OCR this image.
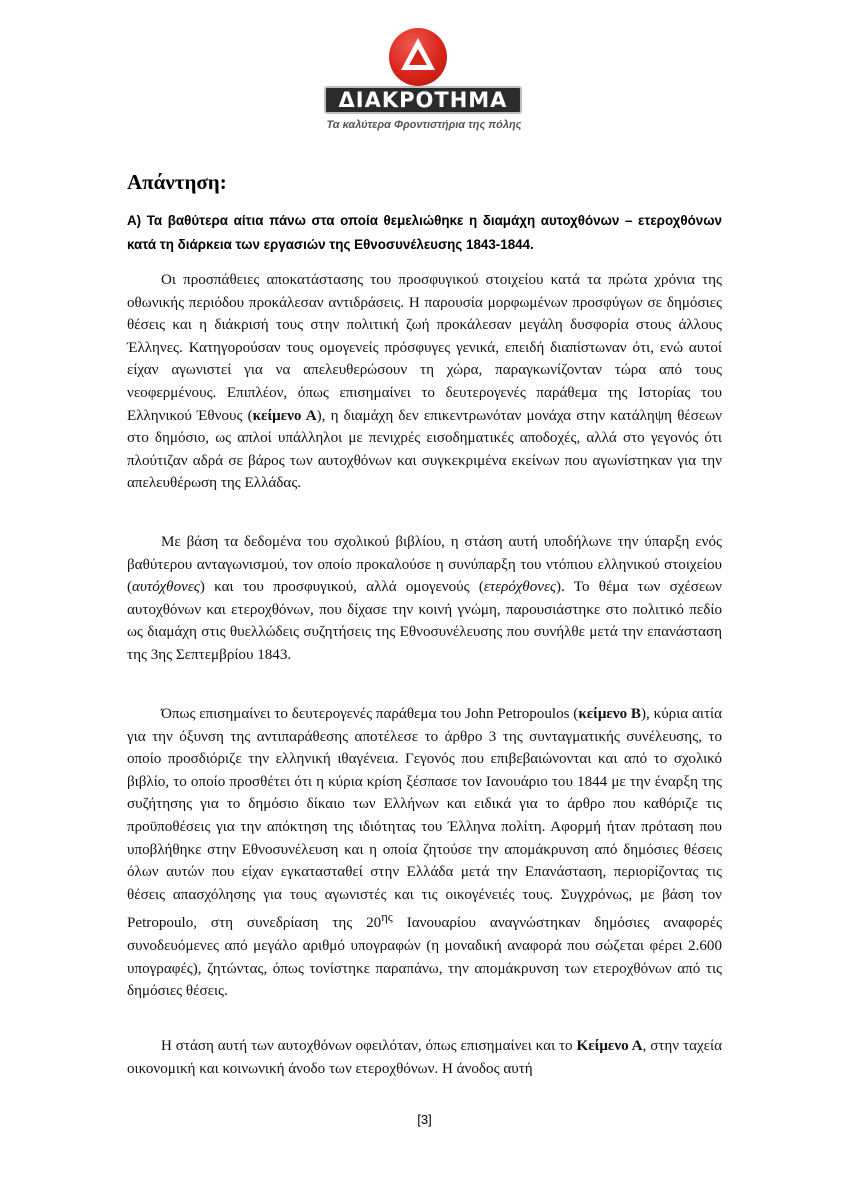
ΔΙΑΚΡΟΤΗΜΑ
Τα καλύτερα Φροντιστήρια της πόλης
Απάντηση:

Α) Τα βαθύτερα αίτια πάνω στα οποία θεμελιώθηκε η διαμάχη αυτοχθόνων – ετεροχθόνων κατά τη διάρκεια των εργασιών της Εθνοσυνέλευσης 1843-1844.

Οι προσπάθειες αποκατάστασης του προσφυγικού στοιχείου κατά τα πρώτα χρόνια της οθωνικής περιόδου προκάλεσαν αντιδράσεις. Η παρουσία μορφωμένων προσφύγων σε δημόσιες θέσεις και η διάκρισή τους στην πολιτική ζωή προκάλεσαν μεγάλη δυσφορία στους άλλους Έλληνες. Κατηγορούσαν τους ομογενείς πρόσφυγες γενικά, επειδή διαπίστωναν ότι, ενώ αυτοί είχαν αγωνιστεί για να απελευθερώσουν τη χώρα, παραγκωνίζονταν τώρα από τους νεοφερμένους. Επιπλέον, όπως επισημαίνει το δευτερογενές παράθεμα της Ιστορίας του Ελληνικού Έθνους (κείμενο Α), η διαμάχη δεν επικεντρωνόταν μονάχα στην κατάληψη θέσεων στο δημόσιο, ως απλοί υπάλληλοι με πενιχρές εισοδηματικές αποδοχές, αλλά στο γεγονός ότι πλούτιζαν αδρά σε βάρος των αυτοχθόνων και συγκεκριμένα εκείνων που αγωνίστηκαν για την απελευθέρωση της Ελλάδας.

Με βάση τα δεδομένα του σχολικού βιβλίου, η στάση αυτή υποδήλωνε την ύπαρξη ενός βαθύτερου ανταγωνισμού, τον οποίο προκαλούσε η συνύπαρξη του ντόπιου ελληνικού στοιχείου (αυτόχθονες) και του προσφυγικού, αλλά ομογενούς (ετερόχθονες). Το θέμα των σχέσεων αυτοχθόνων και ετεροχθόνων, που δίχασε την κοινή γνώμη, παρουσιάστηκε στο πολιτικό πεδίο ως διαμάχη στις θυελλώδεις συζητήσεις της Εθνοσυνέλευσης που συνήλθε μετά την επανάσταση της 3ης Σεπτεμβρίου 1843.

Όπως επισημαίνει το δευτερογενές παράθεμα του John Petropoulos (κείμενο Β), κύρια αιτία για την όξυνση της αντιπαράθεσης αποτέλεσε το άρθρο 3 της συνταγματικής συνέλευσης, το οποίο προσδιόριζε την ελληνική ιθαγένεια. Γεγονός που επιβεβαιώνονται και από το σχολικό βιβλίο, το οποίο προσθέτει ότι η κύρια κρίση ξέσπασε τον Ιανουάριο του 1844 με την έναρξη της συζήτησης για το δημόσιο δίκαιο των Ελλήνων και ειδικά για το άρθρο που καθόριζε τις προϋποθέσεις για την απόκτηση της ιδιότητας του Έλληνα πολίτη. Αφορμή ήταν πρόταση που υποβλήθηκε στην Εθνοσυνέλευση και η οποία ζητούσε την απομάκρυνση από δημόσιες θέσεις όλων αυτών που είχαν εγκατασταθεί στην Ελλάδα μετά την Επανάσταση, περιορίζοντας τις θέσεις απασχόλησης για τους αγωνιστές και τις οικογένειές τους. Συγχρόνως, με βάση τον Petropoulo, στη συνεδρίαση της $20^{\eta\varsigma}$ Ιανουαρίου αναγνώστηκαν δημόσιες αναφορές συνοδευόμενες από μεγάλο αριθμό υπογραφών (η μοναδική αναφορά που σώζεται φέρει 2.600 υπογραφές), ζητώντας, όπως τονίστηκε παραπάνω, την απομάκρυνση των ετεροχθόνων από τις δημόσιες θέσεις.

Η στάση αυτή των αυτοχθόνων οφειλόταν, όπως επισημαίνει και το Κείμενο Α, στην ταχεία οικονομική και κοινωνική άνοδο των ετεροχθόνων. Η άνοδος αυτή

[3]
